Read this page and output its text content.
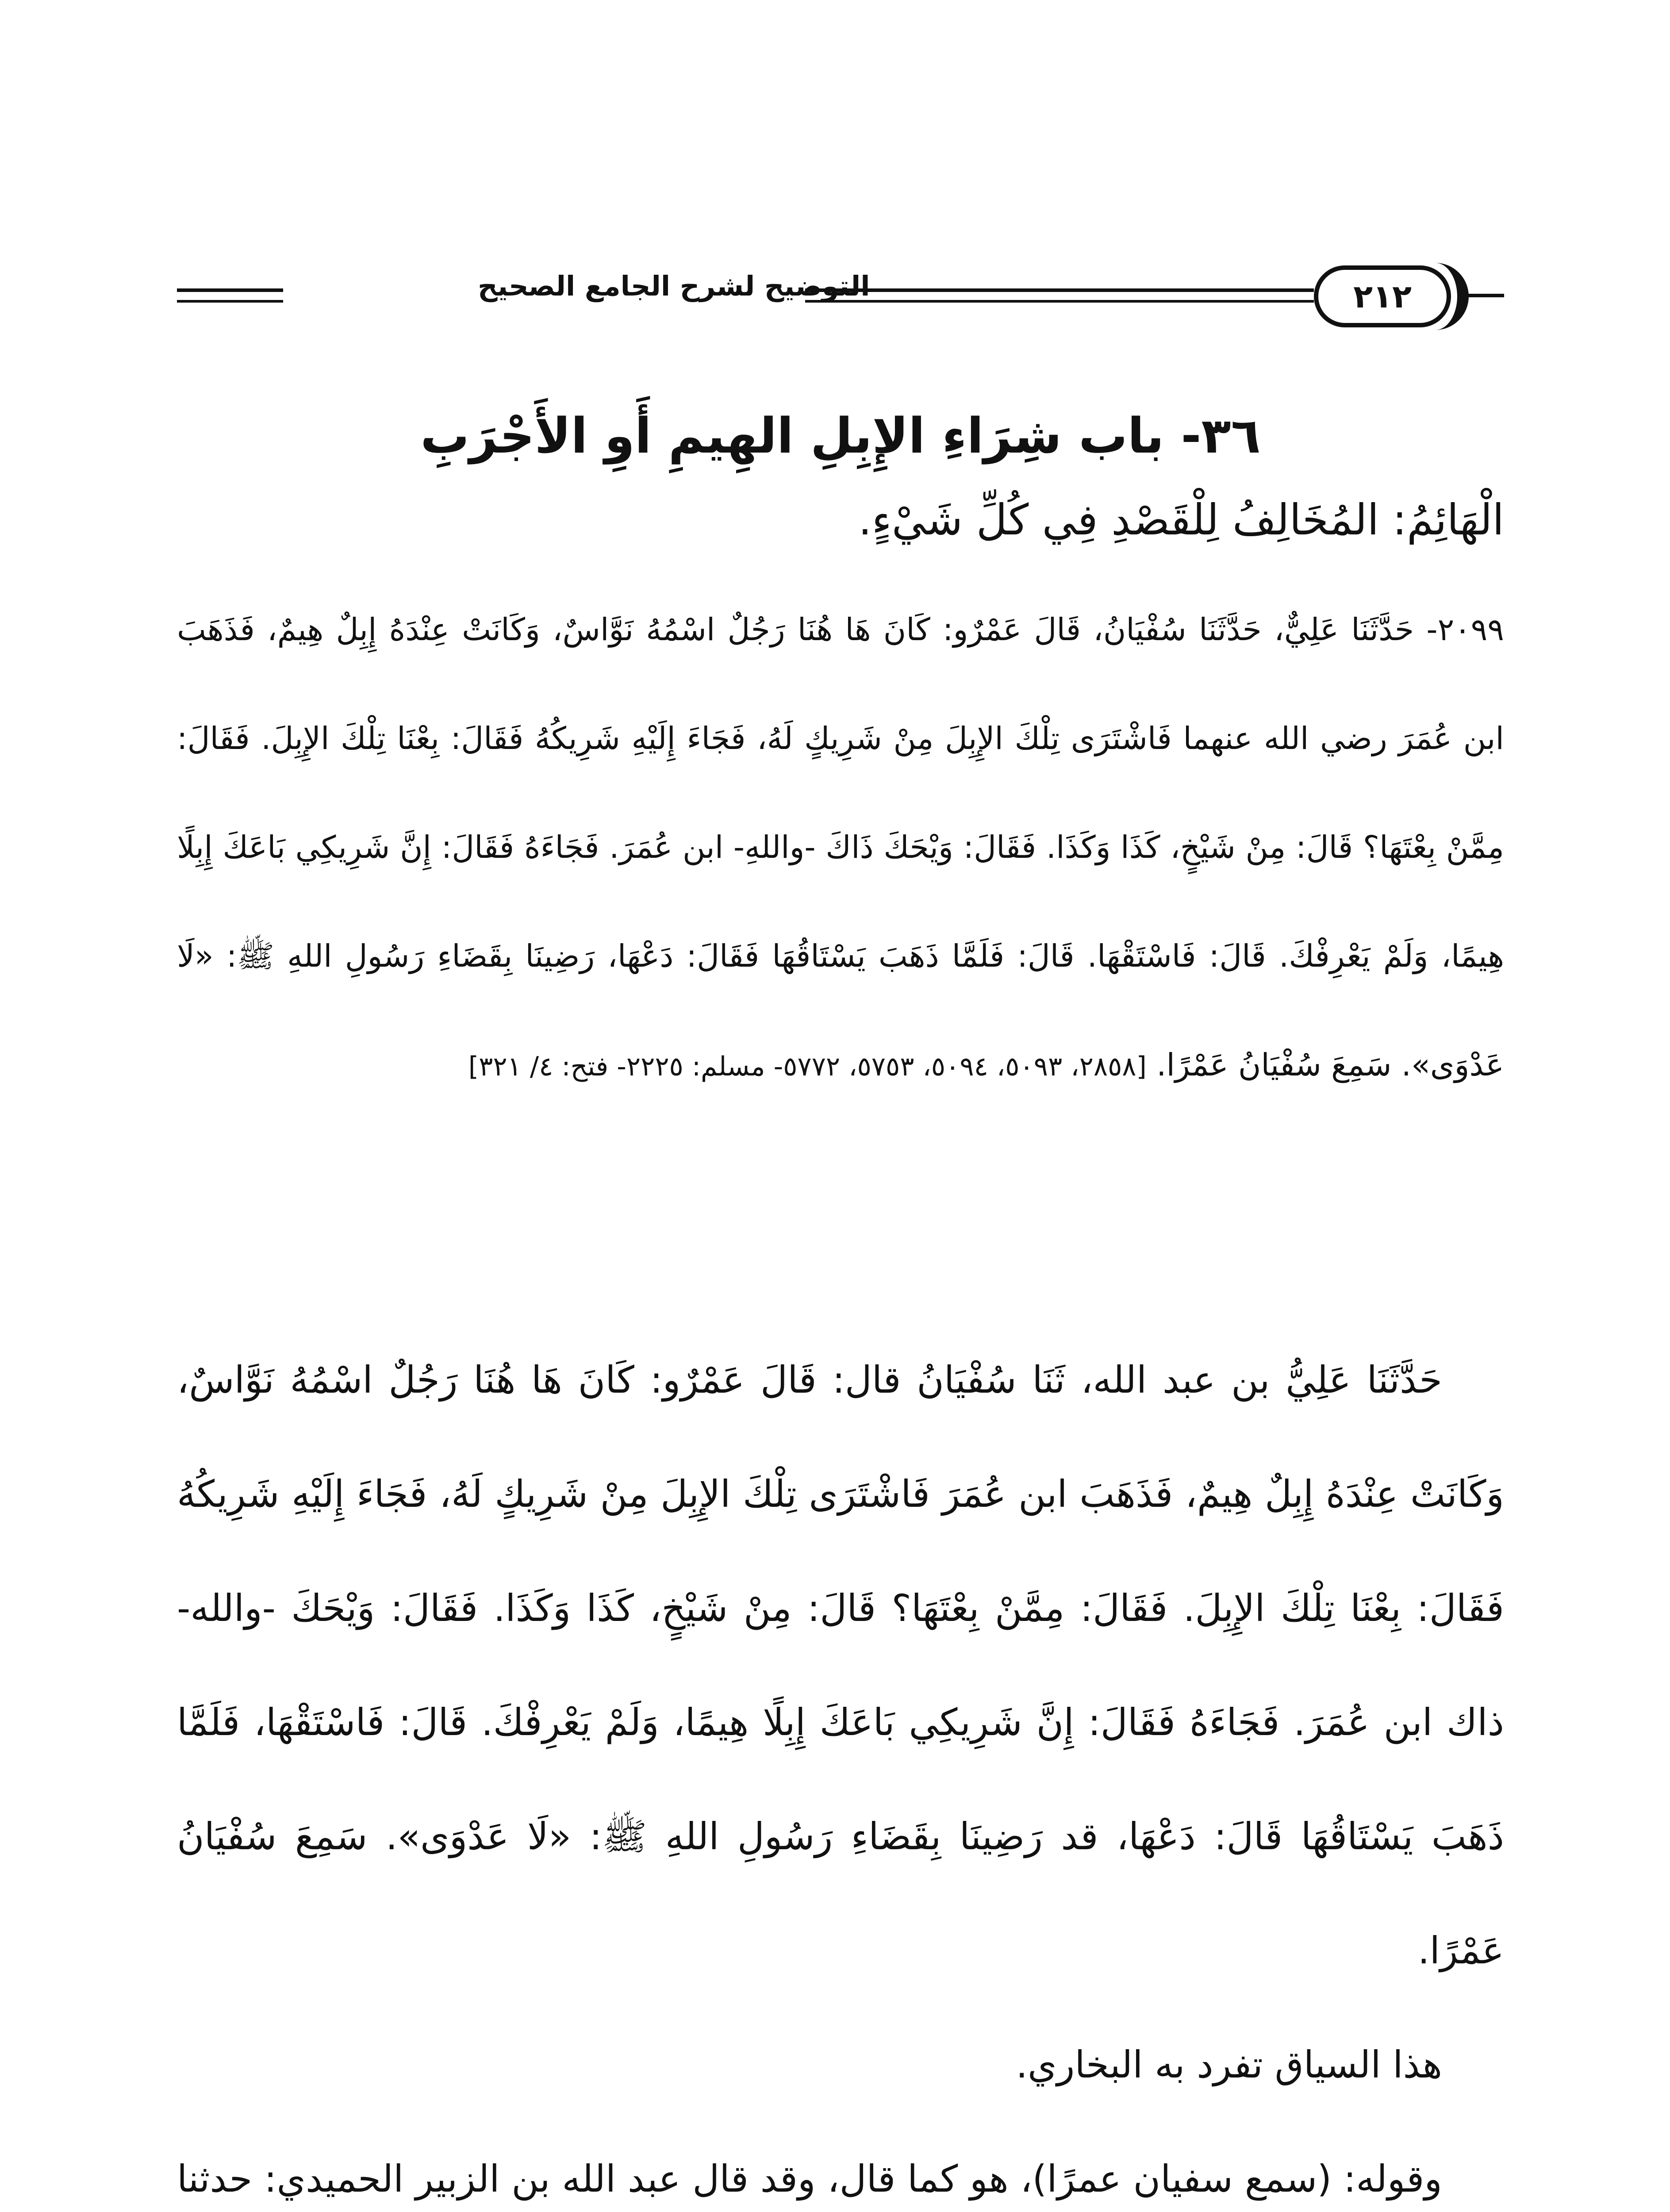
التوضيح لشرح الجامع الصحيح	٢١٢
٣٦- باب شِرَاءِ الإِبِلِ الهِيمِ أَوِ الأَجْرَبِ
الْهَائِمُ: المُخَالِفُ لِلْقَصْدِ فِي كُلِّ شَيْءٍ.
٢٠٩٩- حَدَّثَنَا عَلِيٌّ، حَدَّثَنَا سُفْيَانُ، قَالَ عَمْرٌو: كَانَ هَا هُنَا رَجُلٌ اسْمُهُ نَوَّاسٌ، وَكَانَتْ عِنْدَهُ إِبِلٌ هِيمٌ، فَذَهَبَ ابن عُمَرَ رضي الله عنهما فَاشْتَرَى تِلْكَ الإِبِلَ مِنْ شَرِيكٍ لَهُ، فَجَاءَ إِلَيْهِ شَرِيكُهُ فَقَالَ: بِعْنَا تِلْكَ الإِبِلَ. فَقَالَ: مِمَّنْ بِعْتَهَا؟ قَالَ: مِنْ شَيْخٍ، كَذَا وَكَذَا. فَقَالَ: وَيْحَكَ ذَاكَ -واللهِ- ابن عُمَرَ. فَجَاءَهُ فَقَالَ: إِنَّ شَرِيكِي بَاعَكَ إِبِلًا هِيمًا، وَلَمْ يَعْرِفْكَ. قَالَ: فَاسْتَقْهَا. قَالَ: فَلَمَّا ذَهَبَ يَسْتَاقُهَا فَقَالَ: دَعْهَا، رَضِينَا بِقَضَاءِ رَسُولِ اللهِ ﷺ: «لَا عَدْوَى». سَمِعَ سُفْيَانُ عَمْرًا. [٢٨٥٨، ٥٠٩٣، ٥٠٩٤، ٥٧٥٣، ٥٧٧٢- مسلم: ٢٢٢٥- فتح: ٤/ ٣٢١]

حَدَّثَنَا عَلِيُّ بن عبد الله، ثَنَا سُفْيَانُ قال: قَالَ عَمْرٌو: كَانَ هَا هُنَا رَجُلٌ اسْمُهُ نَوَّاسٌ، وَكَانَتْ عِنْدَهُ إِبِلٌ هِيمٌ، فَذَهَبَ ابن عُمَرَ فَاشْتَرَى تِلْكَ الإِبِلَ مِنْ شَرِيكٍ لَهُ، فَجَاءَ إِلَيْهِ شَرِيكُهُ فَقَالَ: بِعْنَا تِلْكَ الإِبِلَ. فَقَالَ: مِمَّنْ بِعْتَهَا؟ قَالَ: مِنْ شَيْخٍ، كَذَا وَكَذَا. فَقَالَ: وَيْحَكَ -والله- ذاك ابن عُمَرَ. فَجَاءَهُ فَقَالَ: إِنَّ شَرِيكِي بَاعَكَ إِبِلًا هِيمًا، وَلَمْ يَعْرِفْكَ. قَالَ: فَاسْتَقْهَا، فَلَمَّا ذَهَبَ يَسْتَاقُهَا قَالَ: دَعْهَا، قد رَضِينَا بِقَضَاءِ رَسُولِ اللهِ ﷺ: «لَا عَدْوَى». سَمِعَ سُفْيَانُ عَمْرًا.

هذا السياق تفرد به البخاري.

وقوله: (سمع سفيان عمرًا)، هو كما قال، وقد قال عبد الله بن الزبير الحميدي: حدثنا
